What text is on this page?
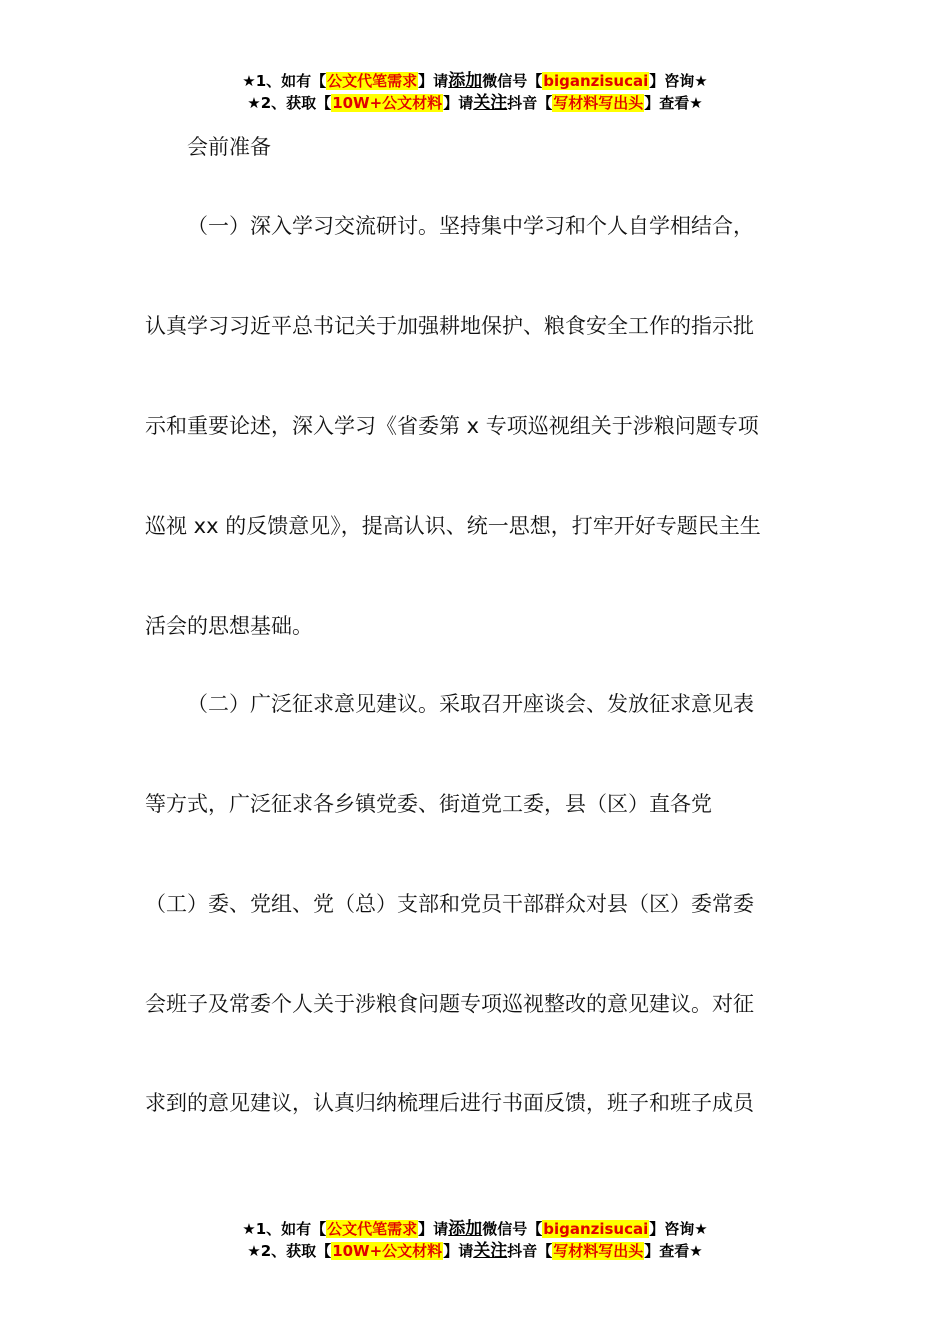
★1、如有【公文代笔需求】请添加微信号【biganzisucai】咨询★
★2、获取【10W+公文材料】请关注抖音【写材料写出头】查看★
会前准备
（一）深入学习交流研讨。坚持集中学习和个人自学相结合，
认真学习习近平总书记关于加强耕地保护、粮食安全工作的指示批
示和重要论述，深入学习《省委第 x 专项巡视组关于涉粮问题专项
巡视 xx 的反馈意见》，提高认识、统一思想，打牢开好专题民主生
活会的思想基础。
（二）广泛征求意见建议。采取召开座谈会、发放征求意见表
等方式，广泛征求各乡镇党委、街道党工委，县（区）直各党
（工）委、党组、党（总）支部和党员干部群众对县（区）委常委
会班子及常委个人关于涉粮食问题专项巡视整改的意见建议。对征
求到的意见建议，认真归纳梳理后进行书面反馈，班子和班子成员
★1、如有【公文代笔需求】请添加微信号【biganzisucai】咨询★
★2、获取【10W+公文材料】请关注抖音【写材料写出头】查看★
